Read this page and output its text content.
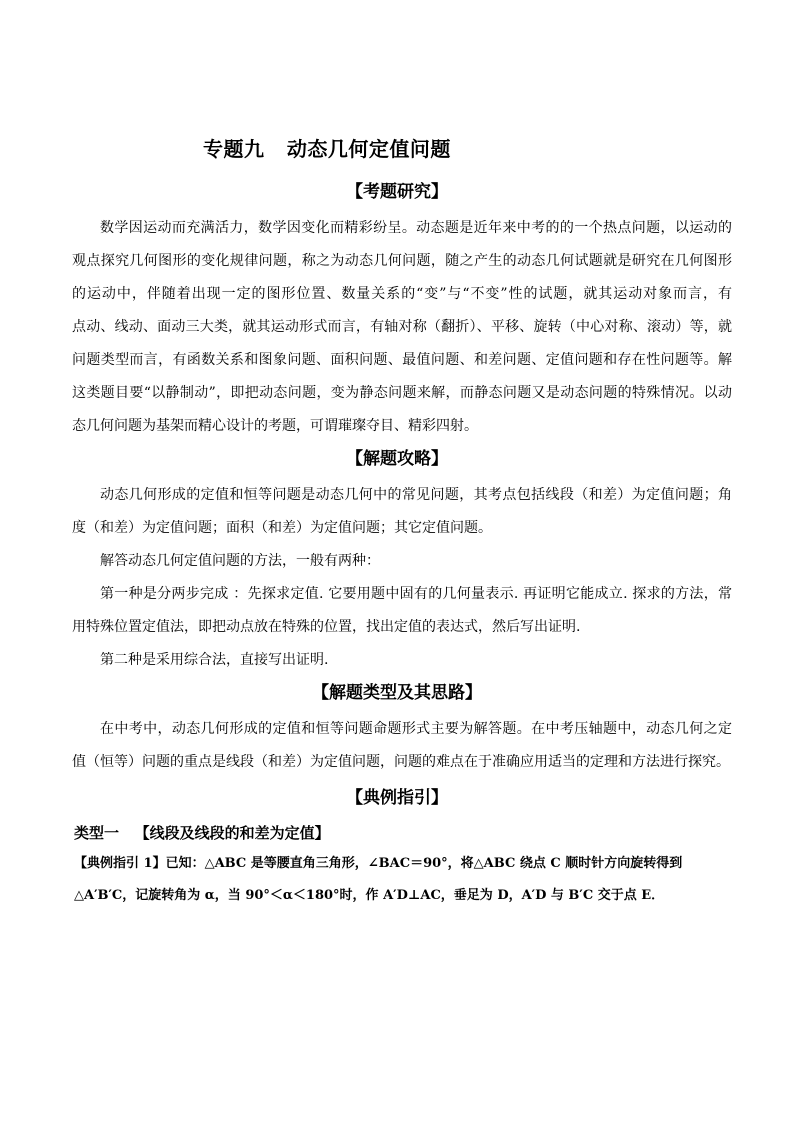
专题九   动态几何定值问题
【考题研究】
数学因运动而充满活力，数学因变化而精彩纷呈。动态题是近年来中考的的一个热点问题，以运动的
观点探究几何图形的变化规律问题，称之为动态几何问题，随之产生的动态几何试题就是研究在几何图形
的运动中，伴随着出现一定的图形位置、数量关系的“变”与“不变”性的试题，就其运动对象而言，有
点动、线动、面动三大类，就其运动形式而言，有轴对称（翻折）、平移、旋转（中心对称、滚动）等，就
问题类型而言，有函数关系和图象问题、面积问题、最值问题、和差问题、定值问题和存在性问题等。解
这类题目要“以静制动”，即把动态问题，变为静态问题来解，而静态问题又是动态问题的特殊情况。以动
态几何问题为基架而精心设计的考题，可谓璀璨夺目、精彩四射。
【解题攻略】
动态几何形成的定值和恒等问题是动态几何中的常见问题，其考点包括线段（和差）为定值问题；角
度（和差）为定值问题；面积（和差）为定值问题；其它定值问题。
解答动态几何定值问题的方法，一般有两种：
第一种是分两步完成 ：先探求定值. 它要用题中固有的几何量表示. 再证明它能成立. 探求的方法，常
用特殊位置定值法，即把动点放在特殊的位置，找出定值的表达式，然后写出证明.
第二种是采用综合法，直接写出证明.
【解题类型及其思路】
在中考中，动态几何形成的定值和恒等问题命题形式主要为解答题。在中考压轴题中，动态几何之定
值（恒等）问题的重点是线段（和差）为定值问题，问题的难点在于准确应用适当的定理和方法进行探究。
【典例指引】
类型一   【线段及线段的和差为定值】
【典例指引 1】已知：△ABC 是等腰直角三角形，∠BAC＝90°，将△ABC 绕点 C 顺时针方向旋转得到
△A′B′C，记旋转角为 α，当 90°＜α＜180°时，作 A′D⊥AC，垂足为 D，A′D 与 B′C 交于点 E．
